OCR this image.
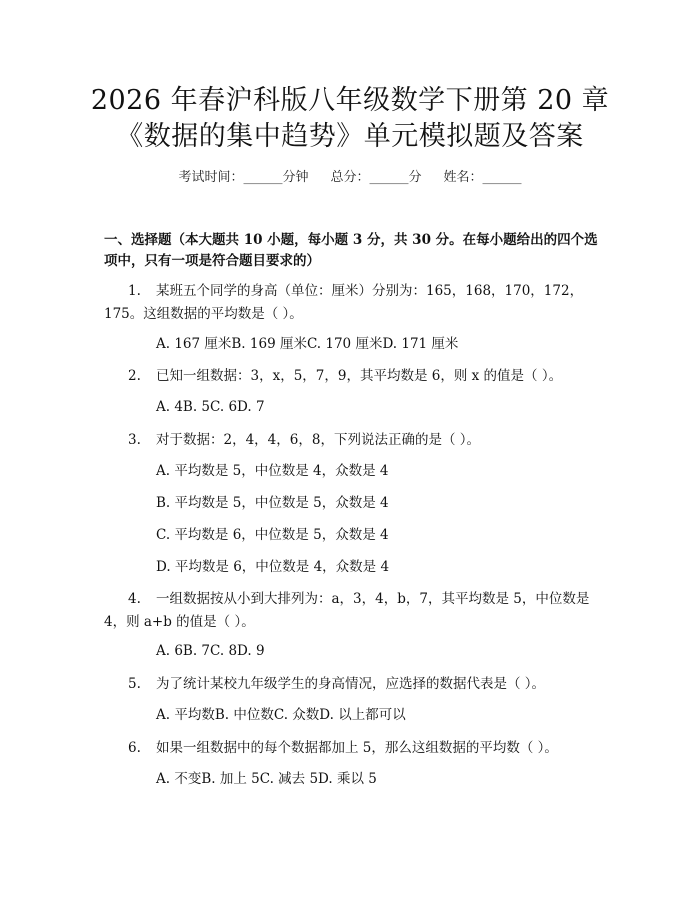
2026 年春沪科版八年级数学下册第 20 章
《数据的集中趋势》单元模拟题及答案
考试时间：______分钟 总分：______分 姓名：______
一、选择题（本大题共 10 小题，每小题 3 分，共 30 分。在每小题给出的四个选
项中，只有一项是符合题目要求的）
1. 某班五个同学的身高（单位：厘米）分别为：165，168，170，172，
175。这组数据的平均数是（ ）。
A. 167 厘米B. 169 厘米C. 170 厘米D. 171 厘米
2. 已知一组数据：3，x，5，7，9，其平均数是 6，则 x 的值是（ ）。
A. 4B. 5C. 6D. 7
3. 对于数据：2，4，4，6，8，下列说法正确的是（ ）。
A. 平均数是 5，中位数是 4，众数是 4
B. 平均数是 5，中位数是 5，众数是 4
C. 平均数是 6，中位数是 5，众数是 4
D. 平均数是 6，中位数是 4，众数是 4
4. 一组数据按从小到大排列为：a，3，4，b，7，其平均数是 5，中位数是
4，则 a+b 的值是（ ）。
A. 6B. 7C. 8D. 9
5. 为了统计某校九年级学生的身高情况，应选择的数据代表是（ ）。
A. 平均数B. 中位数C. 众数D. 以上都可以
6. 如果一组数据中的每个数据都加上 5，那么这组数据的平均数（ ）。
A. 不变B. 加上 5C. 减去 5D. 乘以 5
